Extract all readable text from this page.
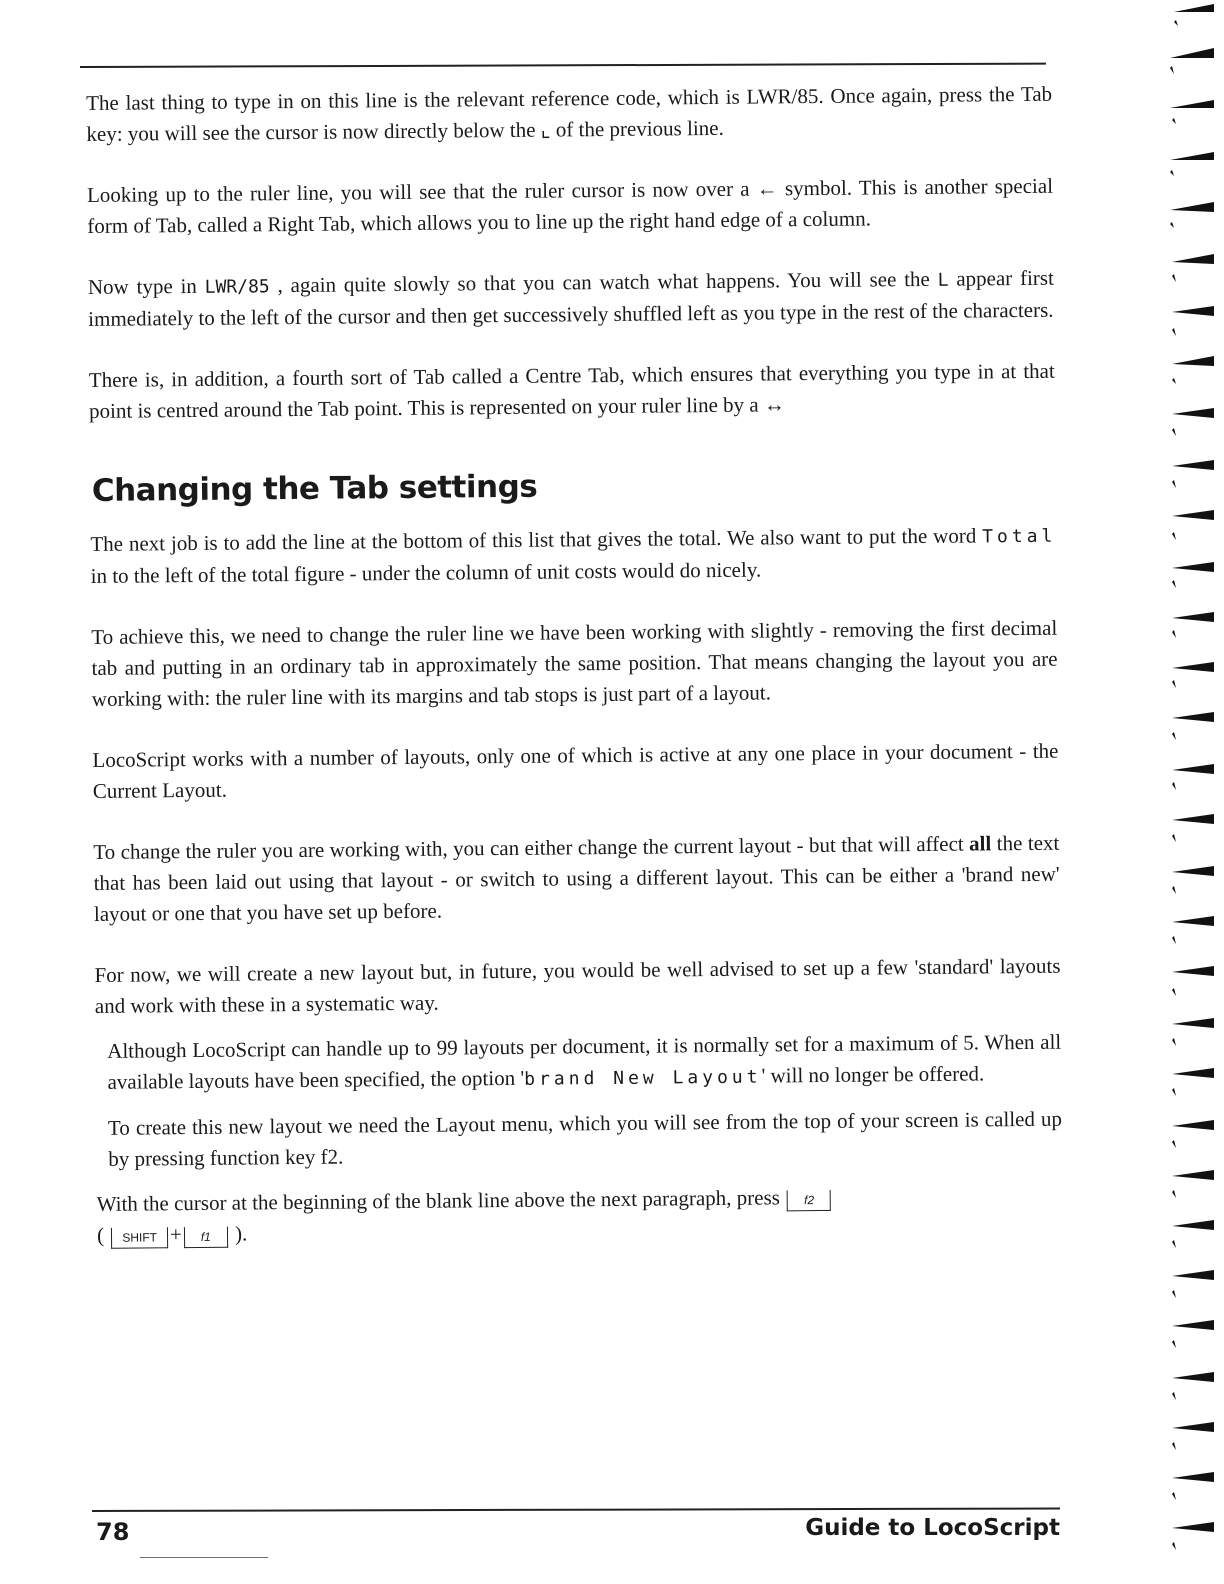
The last thing to type in on this line is the relevant reference code, which is LWR/85. Once again, press the Tab key: you will see the cursor is now directly below the ⌞ of the previous line.

Looking up to the ruler line, you will see that the ruler cursor is now over a ← symbol. This is another special form of Tab, called a Right Tab, which allows you to line up the right hand edge of a column.

Now type in LWR/85 , again quite slowly so that you can watch what happens. You will see the L appear first immediately to the left of the cursor and then get successively shuffled left as you type in the rest of the characters.

There is, in addition, a fourth sort of Tab called a Centre Tab, which ensures that everything you type in at that point is centred around the Tab point. This is represented on your ruler line by a ↔

Changing the Tab settings

The next job is to add the line at the bottom of this list that gives the total. We also want to put the word Total in to the left of the total figure - under the column of unit costs would do nicely.

To achieve this, we need to change the ruler line we have been working with slightly - removing the first decimal tab and putting in an ordinary tab in approximately the same position. That means changing the layout you are working with: the ruler line with its margins and tab stops is just part of a layout.

LocoScript works with a number of layouts, only one of which is active at any one place in your document - the Current Layout.

To change the ruler you are working with, you can either change the current layout - but that will affect all the text that has been laid out using that layout - or switch to using a different layout. This can be either a 'brand new' layout or one that you have set up before.

For now, we will create a new layout but, in future, you would be well advised to set up a few 'standard' layouts and work with these in a systematic way.

Although LocoScript can handle up to 99 layouts per document, it is normally set for a maximum of 5. When all available layouts have been specified, the option 'brand New Layout' will no longer be offered.

To create this new layout we need the Layout menu, which you will see from the top of your screen is called up by pressing function key f2.

With the cursor at the beginning of the blank line above the next paragraph, press f2
( SHIFT + f1 ).

78	Guide to LocoScript
